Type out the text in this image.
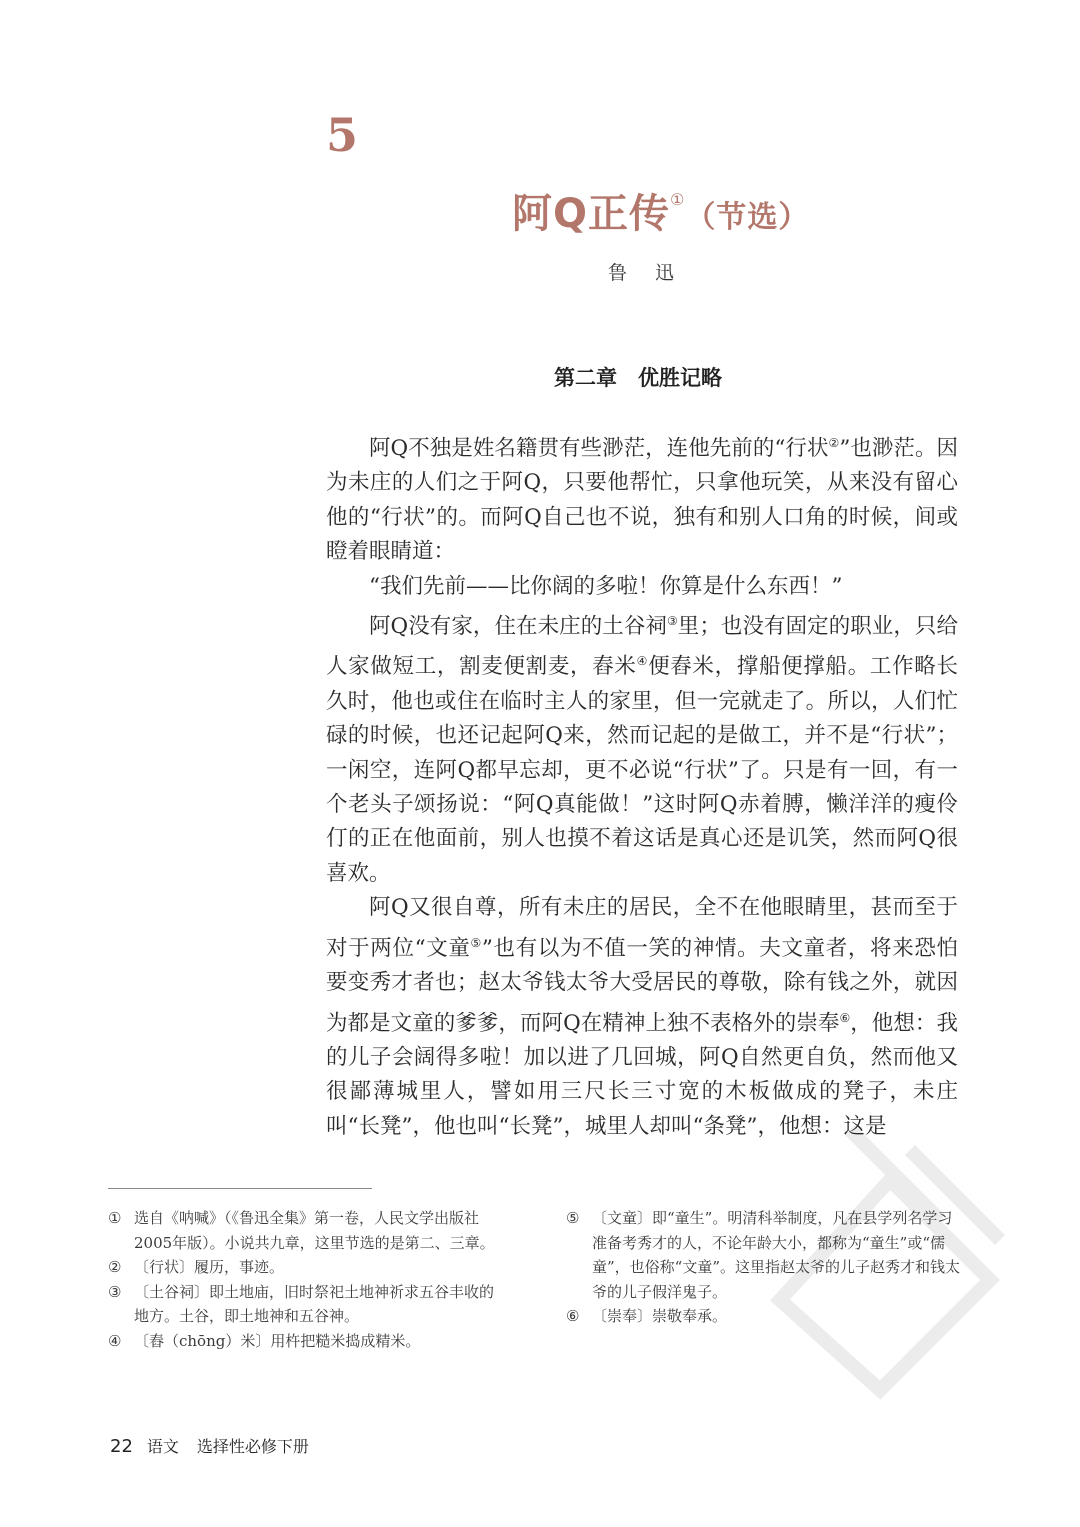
5
阿Q正传①（节选）
鲁迅
第二章　优胜记略

阿Q不独是姓名籍贯有些渺茫，连他先前的“行状②”也渺茫。因为未庄的人们之于阿Q，只要他帮忙，只拿他玩笑，从来没有留心他的“行状”的。而阿Q自己也不说，独有和别人口角的时候，间或瞪着眼睛道：

“我们先前——比你阔的多啦！你算是什么东西！”

阿Q没有家，住在未庄的土谷祠③里；也没有固定的职业，只给人家做短工，割麦便割麦，舂米④便舂米，撑船便撑船。工作略长久时，他也或住在临时主人的家里，但一完就走了。所以，人们忙碌的时候，也还记起阿Q来，然而记起的是做工，并不是“行状”；一闲空，连阿Q都早忘却，更不必说“行状”了。只是有一回，有一个老头子颂扬说：“阿Q真能做！”这时阿Q赤着膊，懒洋洋的瘦伶仃的正在他面前，别人也摸不着这话是真心还是讥笑，然而阿Q很喜欢。

阿Q又很自尊，所有未庄的居民，全不在他眼睛里，甚而至于对于两位“文童⑤”也有以为不值一笑的神情。夫文童者，将来恐怕要变秀才者也；赵太爷钱太爷大受居民的尊敬，除有钱之外，就因为都是文童的爹爹，而阿Q在精神上独不表格外的崇奉⑥，他想：我的儿子会阔得多啦！加以进了几回城，阿Q自然更自负，然而他又很鄙薄城里人，譬如用三尺长三寸宽的木板做成的凳子，未庄叫“长凳”，他也叫“长凳”，城里人却叫“条凳”，他想：这是

① 选自《呐喊》（《鲁迅全集》第一卷，人民文学出版社2005年版）。小说共九章，这里节选的是第二、三章。
② 〔行状〕履历，事迹。
③ 〔土谷祠〕即土地庙，旧时祭祀土地神祈求五谷丰收的地方。土谷，即土地神和五谷神。
④ 〔舂（chōng）米〕用杵把糙米捣成精米。
⑤ 〔文童〕即“童生”。明清科举制度，凡在县学列名学习准备考秀才的人，不论年龄大小，都称为“童生”或“儒童”，也俗称“文童”。这里指赵太爷的儿子赵秀才和钱太爷的儿子假洋鬼子。
⑥ 〔崇奉〕崇敬奉承。
22 语文 选择性必修下册
